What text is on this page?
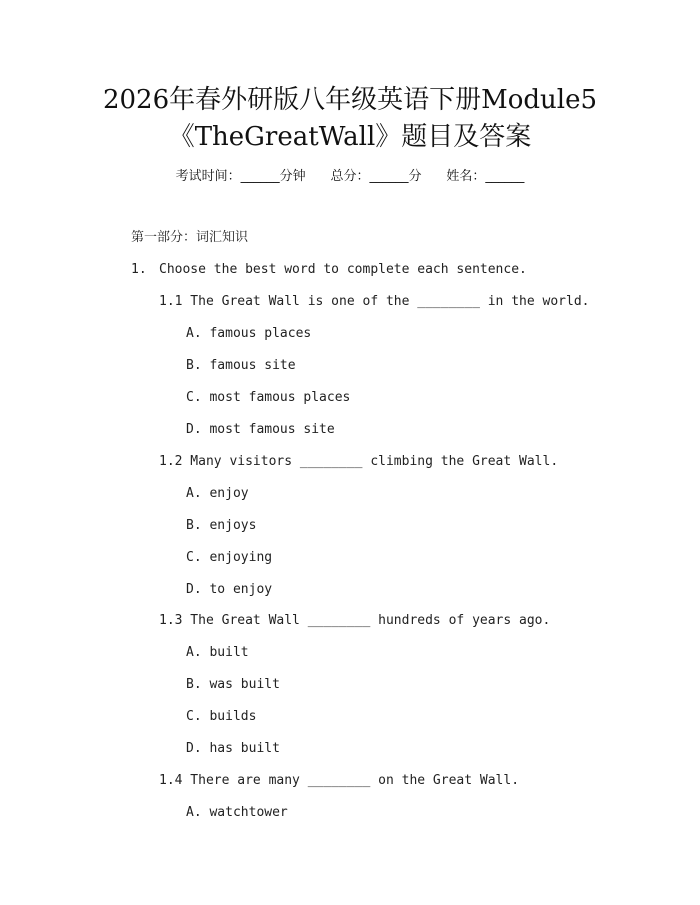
2026年春外研版八年级英语下册Module5
《TheGreatWall》题目及答案
考试时间：______分钟 总分：______分 姓名：______
第一部分：词汇知识
1. Choose the best word to complete each sentence.
1.1 The Great Wall is one of the ________ in the world.
A. famous places
B. famous site
C. most famous places
D. most famous site
1.2 Many visitors ________ climbing the Great Wall.
A. enjoy
B. enjoys
C. enjoying
D. to enjoy
1.3 The Great Wall ________ hundreds of years ago.
A. built
B. was built
C. builds
D. has built
1.4 There are many ________ on the Great Wall.
A. watchtower
